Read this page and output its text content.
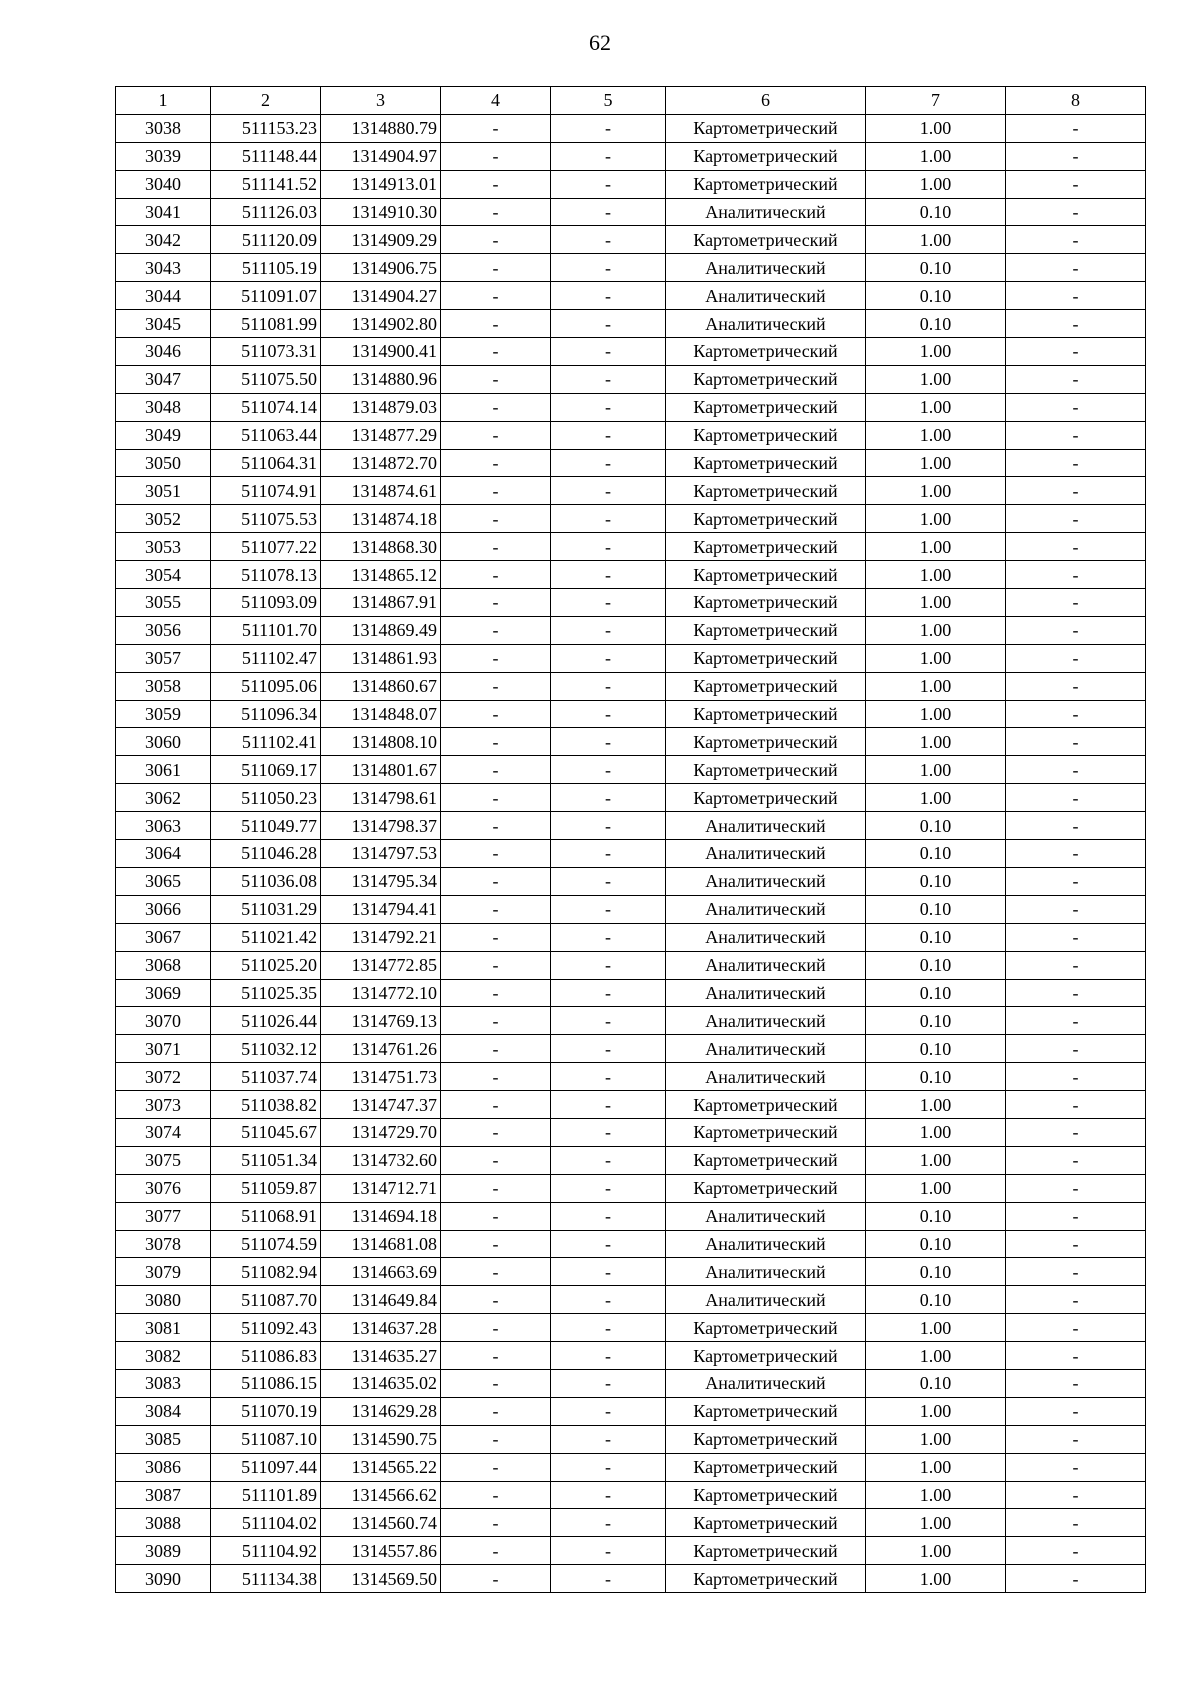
62
1	2	3	4	5	6	7	8
3038	511153.23	1314880.79	-	-	Картометрический	1.00	-
3039	511148.44	1314904.97	-	-	Картометрический	1.00	-
3040	511141.52	1314913.01	-	-	Картометрический	1.00	-
3041	511126.03	1314910.30	-	-	Аналитический	0.10	-
3042	511120.09	1314909.29	-	-	Картометрический	1.00	-
3043	511105.19	1314906.75	-	-	Аналитический	0.10	-
3044	511091.07	1314904.27	-	-	Аналитический	0.10	-
3045	511081.99	1314902.80	-	-	Аналитический	0.10	-
3046	511073.31	1314900.41	-	-	Картометрический	1.00	-
3047	511075.50	1314880.96	-	-	Картометрический	1.00	-
3048	511074.14	1314879.03	-	-	Картометрический	1.00	-
3049	511063.44	1314877.29	-	-	Картометрический	1.00	-
3050	511064.31	1314872.70	-	-	Картометрический	1.00	-
3051	511074.91	1314874.61	-	-	Картометрический	1.00	-
3052	511075.53	1314874.18	-	-	Картометрический	1.00	-
3053	511077.22	1314868.30	-	-	Картометрический	1.00	-
3054	511078.13	1314865.12	-	-	Картометрический	1.00	-
3055	511093.09	1314867.91	-	-	Картометрический	1.00	-
3056	511101.70	1314869.49	-	-	Картометрический	1.00	-
3057	511102.47	1314861.93	-	-	Картометрический	1.00	-
3058	511095.06	1314860.67	-	-	Картометрический	1.00	-
3059	511096.34	1314848.07	-	-	Картометрический	1.00	-
3060	511102.41	1314808.10	-	-	Картометрический	1.00	-
3061	511069.17	1314801.67	-	-	Картометрический	1.00	-
3062	511050.23	1314798.61	-	-	Картометрический	1.00	-
3063	511049.77	1314798.37	-	-	Аналитический	0.10	-
3064	511046.28	1314797.53	-	-	Аналитический	0.10	-
3065	511036.08	1314795.34	-	-	Аналитический	0.10	-
3066	511031.29	1314794.41	-	-	Аналитический	0.10	-
3067	511021.42	1314792.21	-	-	Аналитический	0.10	-
3068	511025.20	1314772.85	-	-	Аналитический	0.10	-
3069	511025.35	1314772.10	-	-	Аналитический	0.10	-
3070	511026.44	1314769.13	-	-	Аналитический	0.10	-
3071	511032.12	1314761.26	-	-	Аналитический	0.10	-
3072	511037.74	1314751.73	-	-	Аналитический	0.10	-
3073	511038.82	1314747.37	-	-	Картометрический	1.00	-
3074	511045.67	1314729.70	-	-	Картометрический	1.00	-
3075	511051.34	1314732.60	-	-	Картометрический	1.00	-
3076	511059.87	1314712.71	-	-	Картометрический	1.00	-
3077	511068.91	1314694.18	-	-	Аналитический	0.10	-
3078	511074.59	1314681.08	-	-	Аналитический	0.10	-
3079	511082.94	1314663.69	-	-	Аналитический	0.10	-
3080	511087.70	1314649.84	-	-	Аналитический	0.10	-
3081	511092.43	1314637.28	-	-	Картометрический	1.00	-
3082	511086.83	1314635.27	-	-	Картометрический	1.00	-
3083	511086.15	1314635.02	-	-	Аналитический	0.10	-
3084	511070.19	1314629.28	-	-	Картометрический	1.00	-
3085	511087.10	1314590.75	-	-	Картометрический	1.00	-
3086	511097.44	1314565.22	-	-	Картометрический	1.00	-
3087	511101.89	1314566.62	-	-	Картометрический	1.00	-
3088	511104.02	1314560.74	-	-	Картометрический	1.00	-
3089	511104.92	1314557.86	-	-	Картометрический	1.00	-
3090	511134.38	1314569.50	-	-	Картометрический	1.00	-
